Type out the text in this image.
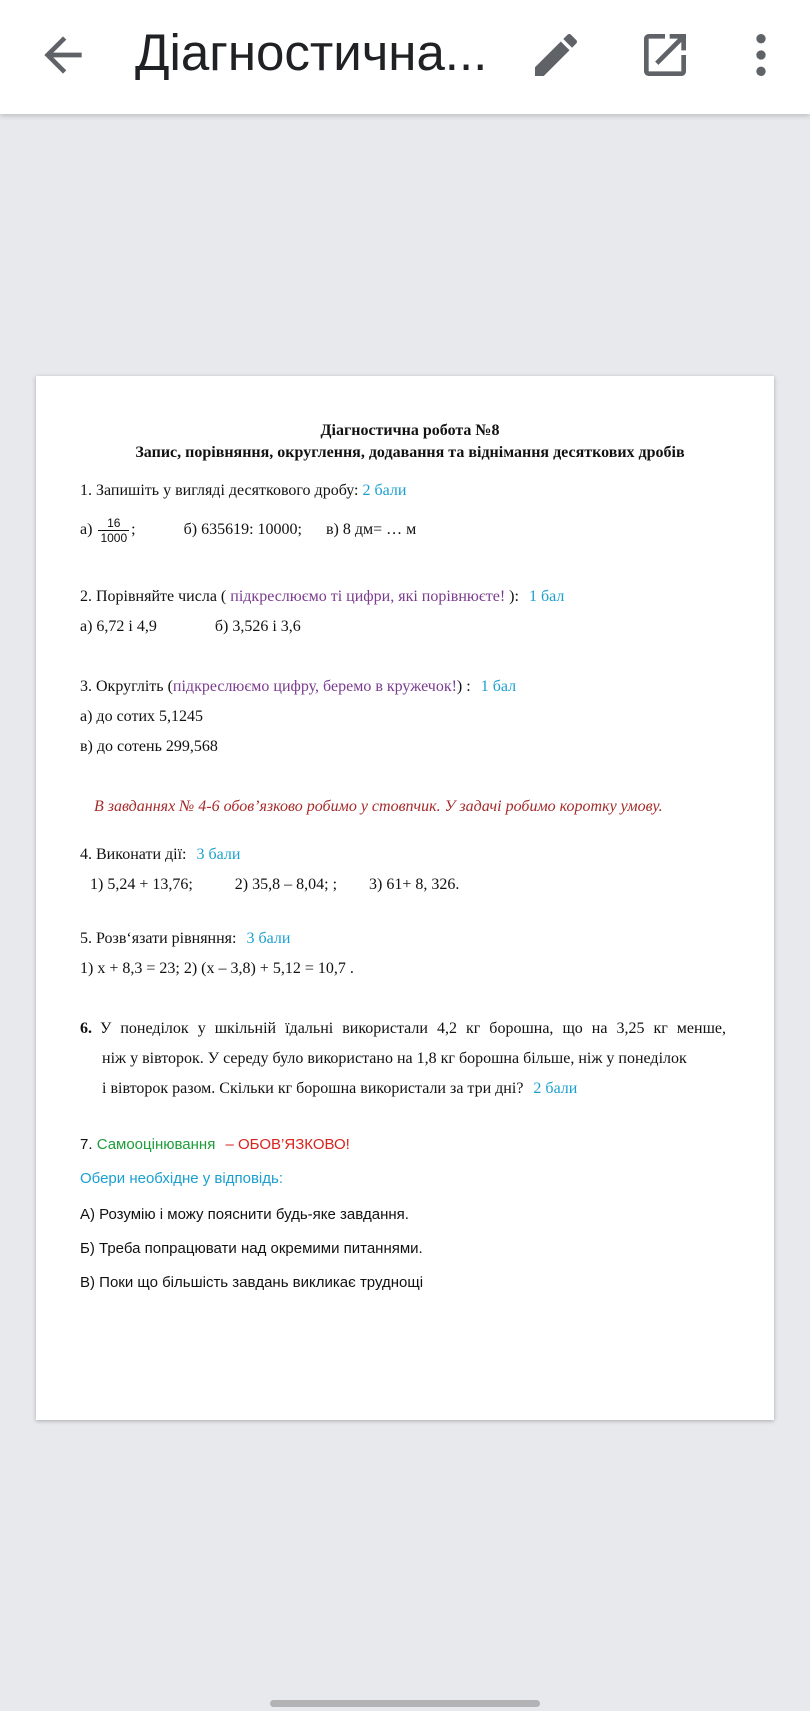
Діагностична...
Діагностична робота №8
Запис, порівняння, округлення, додавання та віднімання десяткових дробів
1. Запишіть у вигляді десяткового дробу: 2 бали
$а) \frac{16}{1000}$ ;	б) 635619: 10000; в) 8 дм= … м
2. Порівняйте числа ( підкреслюємо ті цифри, які порівнюєте! ): 1 бал
а) 6,72 і 4,9	б) 3,526 і 3,6
3. Округліть (підкреслюємо цифру, беремо в кружечок!) : 1 бал
а) до сотих 5,1245
в) до сотень 299,568
В завданнях № 4-6 обов’язково робимо у стовпчик. У задачі робимо коротку умову.
4. Виконати дії: 3 бали
1) 5,24 + 13,76;	2) 35,8 – 8,04; ; 3) 61+ 8, 326.
5. Розв‘язати рівняння: 3 бали
1) x + 8,3 = 23; 2) (x – 3,8) + 5,12 = 10,7 .
6. У понеділок у шкільній їдальні використали 4,2 кг борошна, що на 3,25 кг менше,
ніж у вівторок. У середу було використано на 1,8 кг борошна більше, ніж у понеділок
і вівторок разом. Скільки кг борошна використали за три дні? 2 бали
7. Самооцінювання – ОБОВ’ЯЗКОВО!
Обери необхідне у відповідь:
А) Розумію і можу пояснити будь-яке завдання.
Б) Треба попрацювати над окремими питаннями.
В) Поки що більшість завдань викликає труднощі
